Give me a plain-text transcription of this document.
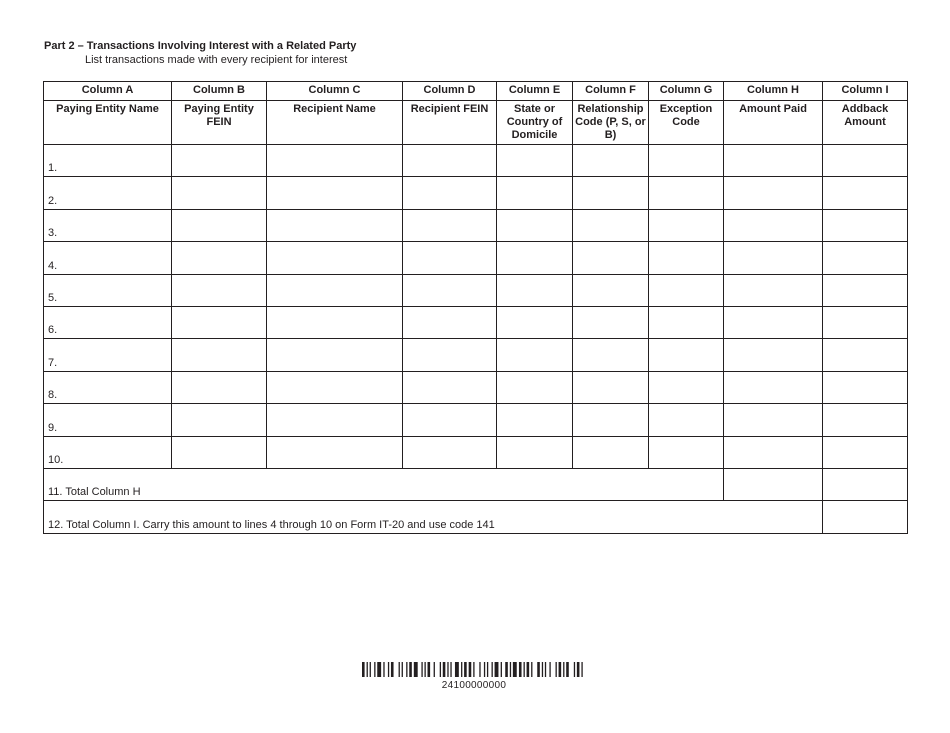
Part 2 – Transactions Involving Interest with a Related Party
List transactions made with every recipient for interest
Column A	Column B	Column C	Column D	Column E	Column F	Column G	Column H	Column I
Paying Entity Name	Paying Entity FEIN	Recipient Name	Recipient FEIN	State or Country of Domicile	Relationship Code (P, S, or B)	Exception Code	Amount Paid	Addback Amount
1.								
2.								
3.								
4.								
5.								
6.								
7.								
8.								
9.								
10.								
11. Total Column H								
12. Total Column I. Carry this amount to lines 4 through 10 on Form IT-20 and use code 141								
24100000000
